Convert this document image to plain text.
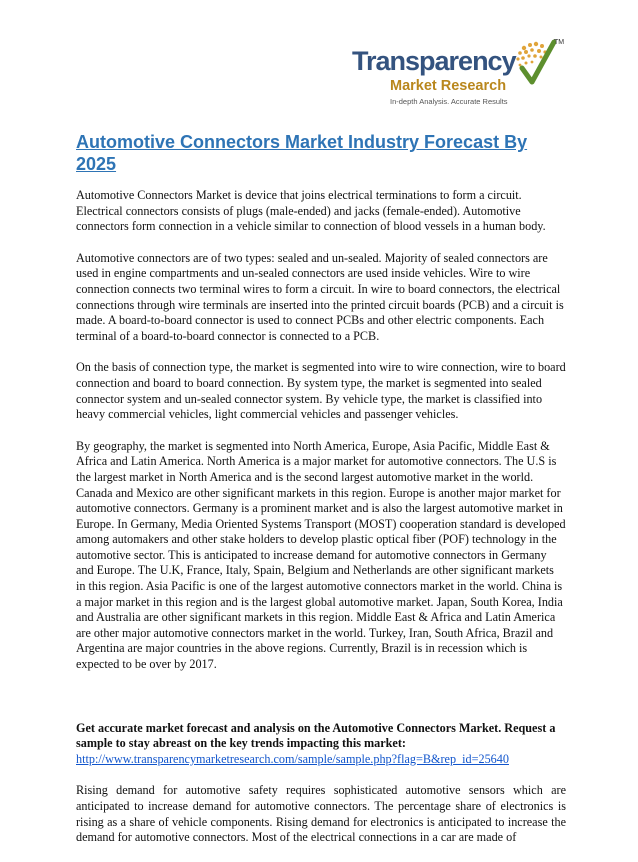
Transparency
TM
Market Research
In-depth Analysis. Accurate Results
Automotive Connectors Market Industry Forecast By 2025

Automotive Connectors Market is device that joins electrical terminations to form a circuit. Electrical connectors consists of plugs (male-ended) and jacks (female-ended). Automotive connectors form connection in a vehicle similar to connection of blood vessels in a human body.

Automotive connectors are of two types: sealed and un-sealed. Majority of sealed connectors are used in engine compartments and un-sealed connectors are used inside vehicles. Wire to wire connection connects two terminal wires to form a circuit. In wire to board connectors, the electrical connections through wire terminals are inserted into the printed circuit boards (PCB) and a circuit is made. A board-to-board connector is used to connect PCBs and other electric components. Each terminal of a board-to-board connector is connected to a PCB.

On the basis of connection type, the market is segmented into wire to wire connection, wire to board connection and board to board connection. By system type, the market is segmented into sealed connector system and un-sealed connector system. By vehicle type, the market is classified into heavy commercial vehicles, light commercial vehicles and passenger vehicles.

By geography, the market is segmented into North America, Europe, Asia Pacific, Middle East & Africa and Latin America. North America is a major market for automotive connectors. The U.S is the largest market in North America and is the second largest automotive market in the world. Canada and Mexico are other significant markets in this region. Europe is another major market for automotive connectors. Germany is a prominent market and is also the largest automotive market in Europe. In Germany, Media Oriented Systems Transport (MOST) cooperation standard is developed among automakers and other stake holders to develop plastic optical fiber (POF) technology in the automotive sector. This is anticipated to increase demand for automotive connectors in Germany and Europe. The U.K, France, Italy, Spain, Belgium and Netherlands are other significant markets in this region. Asia Pacific is one of the largest automotive connectors market in the world. China is a major market in this region and is the largest global automotive market. Japan, South Korea, India and Australia are other significant markets in this region. Middle East & Africa and Latin America are other major automotive connectors market in the world. Turkey, Iran, South Africa, Brazil and Argentina are major countries in the above regions. Currently, Brazil is in recession which is expected to be over by 2017.

Get accurate market forecast and analysis on the Automotive Connectors Market. Request a sample to stay abreast on the key trends impacting this market:

http://www.transparencymarketresearch.com/sample/sample.php?flag=B&rep_id=25640

Rising demand for automotive safety requires sophisticated automotive sensors which are anticipated to increase demand for automotive connectors. The percentage share of electronics is rising as a share of vehicle components. Rising demand for electronics is anticipated to increase the demand for automotive connectors. Most of the electrical connections in a car are made of
